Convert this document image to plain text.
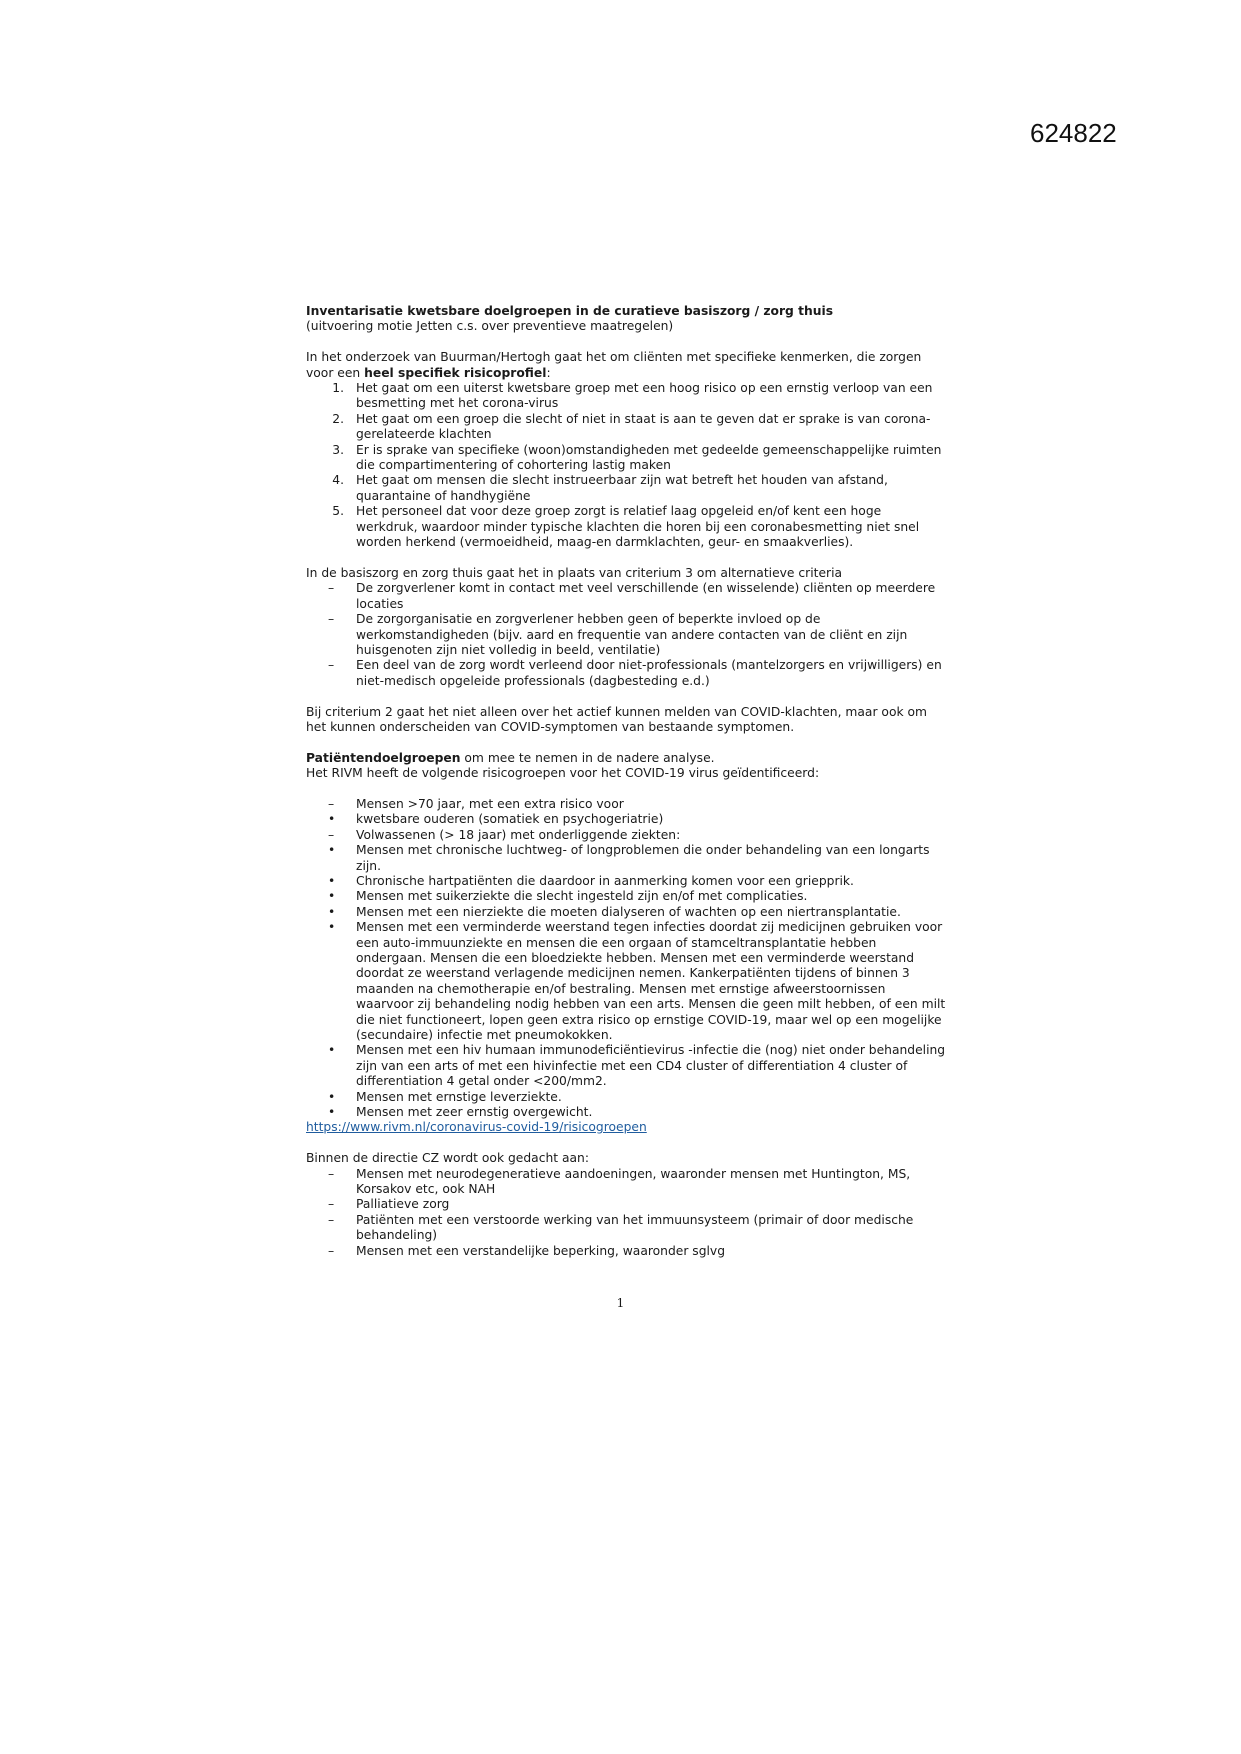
624822

Inventarisatie kwetsbare doelgroepen in de curatieve basiszorg / zorg thuis

(uitvoering motie Jetten c.s. over preventieve maatregelen)

In het onderzoek van Buurman/Hertogh gaat het om cliënten met specifieke kenmerken, die zorgen voor een heel specifiek risicoprofiel:

1. Het gaat om een uiterst kwetsbare groep met een hoog risico op een ernstig verloop van een besmetting met het corona-virus
2. Het gaat om een groep die slecht of niet in staat is aan te geven dat er sprake is van corona-gerelateerde klachten
3. Er is sprake van specifieke (woon)omstandigheden met gedeelde gemeenschappelijke ruimten die compartimentering of cohortering lastig maken
4. Het gaat om mensen die slecht instrueerbaar zijn wat betreft het houden van afstand, quarantaine of handhygiëne
5. Het personeel dat voor deze groep zorgt is relatief laag opgeleid en/of kent een hoge werkdruk, waardoor minder typische klachten die horen bij een coronabesmetting niet snel worden herkend (vermoeidheid, maag-en darmklachten, geur- en smaakverlies).

In de basiszorg en zorg thuis gaat het in plaats van criterium 3 om alternatieve criteria

–	De zorgverlener komt in contact met veel verschillende (en wisselende) cliënten op meerdere locaties
–	De zorgorganisatie en zorgverlener hebben geen of beperkte invloed op de werkomstandigheden (bijv. aard en frequentie van andere contacten van de cliënt en zijn huisgenoten zijn niet volledig in beeld, ventilatie)
–	Een deel van de zorg wordt verleend door niet-professionals (mantelzorgers en vrijwilligers) en niet-medisch opgeleide professionals (dagbesteding e.d.)

Bij criterium 2 gaat het niet alleen over het actief kunnen melden van COVID-klachten, maar ook om het kunnen onderscheiden van COVID-symptomen van bestaande symptomen.

Patiëntendoelgroepen om mee te nemen in de nadere analyse.

Het RIVM heeft de volgende risicogroepen voor het COVID-19 virus geïdentificeerd:

–	Mensen >70 jaar, met een extra risico voor
•	kwetsbare ouderen (somatiek en psychogeriatrie)
–	Volwassenen (> 18 jaar) met onderliggende ziekten:
•	Mensen met chronische luchtweg- of longproblemen die onder behandeling van een longarts zijn.
•	Chronische hartpatiënten die daardoor in aanmerking komen voor een griepprik.
•	Mensen met suikerziekte die slecht ingesteld zijn en/of met complicaties.
•	Mensen met een nierziekte die moeten dialyseren of wachten op een niertransplantatie.
•	Mensen met een verminderde weerstand tegen infecties doordat zij medicijnen gebruiken voor een auto-immuunziekte en mensen die een orgaan of stamceltransplantatie hebben ondergaan. Mensen die een bloedziekte hebben. Mensen met een verminderde weerstand doordat ze weerstand verlagende medicijnen nemen. Kankerpatiënten tijdens of binnen 3 maanden na chemotherapie en/of bestraling. Mensen met ernstige afweerstoornissen waarvoor zij behandeling nodig hebben van een arts. Mensen die geen milt hebben, of een milt die niet functioneert, lopen geen extra risico op ernstige COVID-19, maar wel op een mogelijke (secundaire) infectie met pneumokokken.
•	Mensen met een hiv humaan immunodeficiëntievirus -infectie die (nog) niet onder behandeling zijn van een arts of met een hivinfectie met een CD4 cluster of differentiation 4 cluster of differentiation 4 getal onder <200/mm2.
•	Mensen met ernstige leverziekte.
•	Mensen met zeer ernstig overgewicht.

https://www.rivm.nl/coronavirus-covid-19/risicogroepen

Binnen de directie CZ wordt ook gedacht aan:

–	Mensen met neurodegeneratieve aandoeningen, waaronder mensen met Huntington, MS, Korsakov etc, ook NAH
–	Palliatieve zorg
–	Patiënten met een verstoorde werking van het immuunsysteem (primair of door medische behandeling)
–	Mensen met een verstandelijke beperking, waaronder sglvg
1
